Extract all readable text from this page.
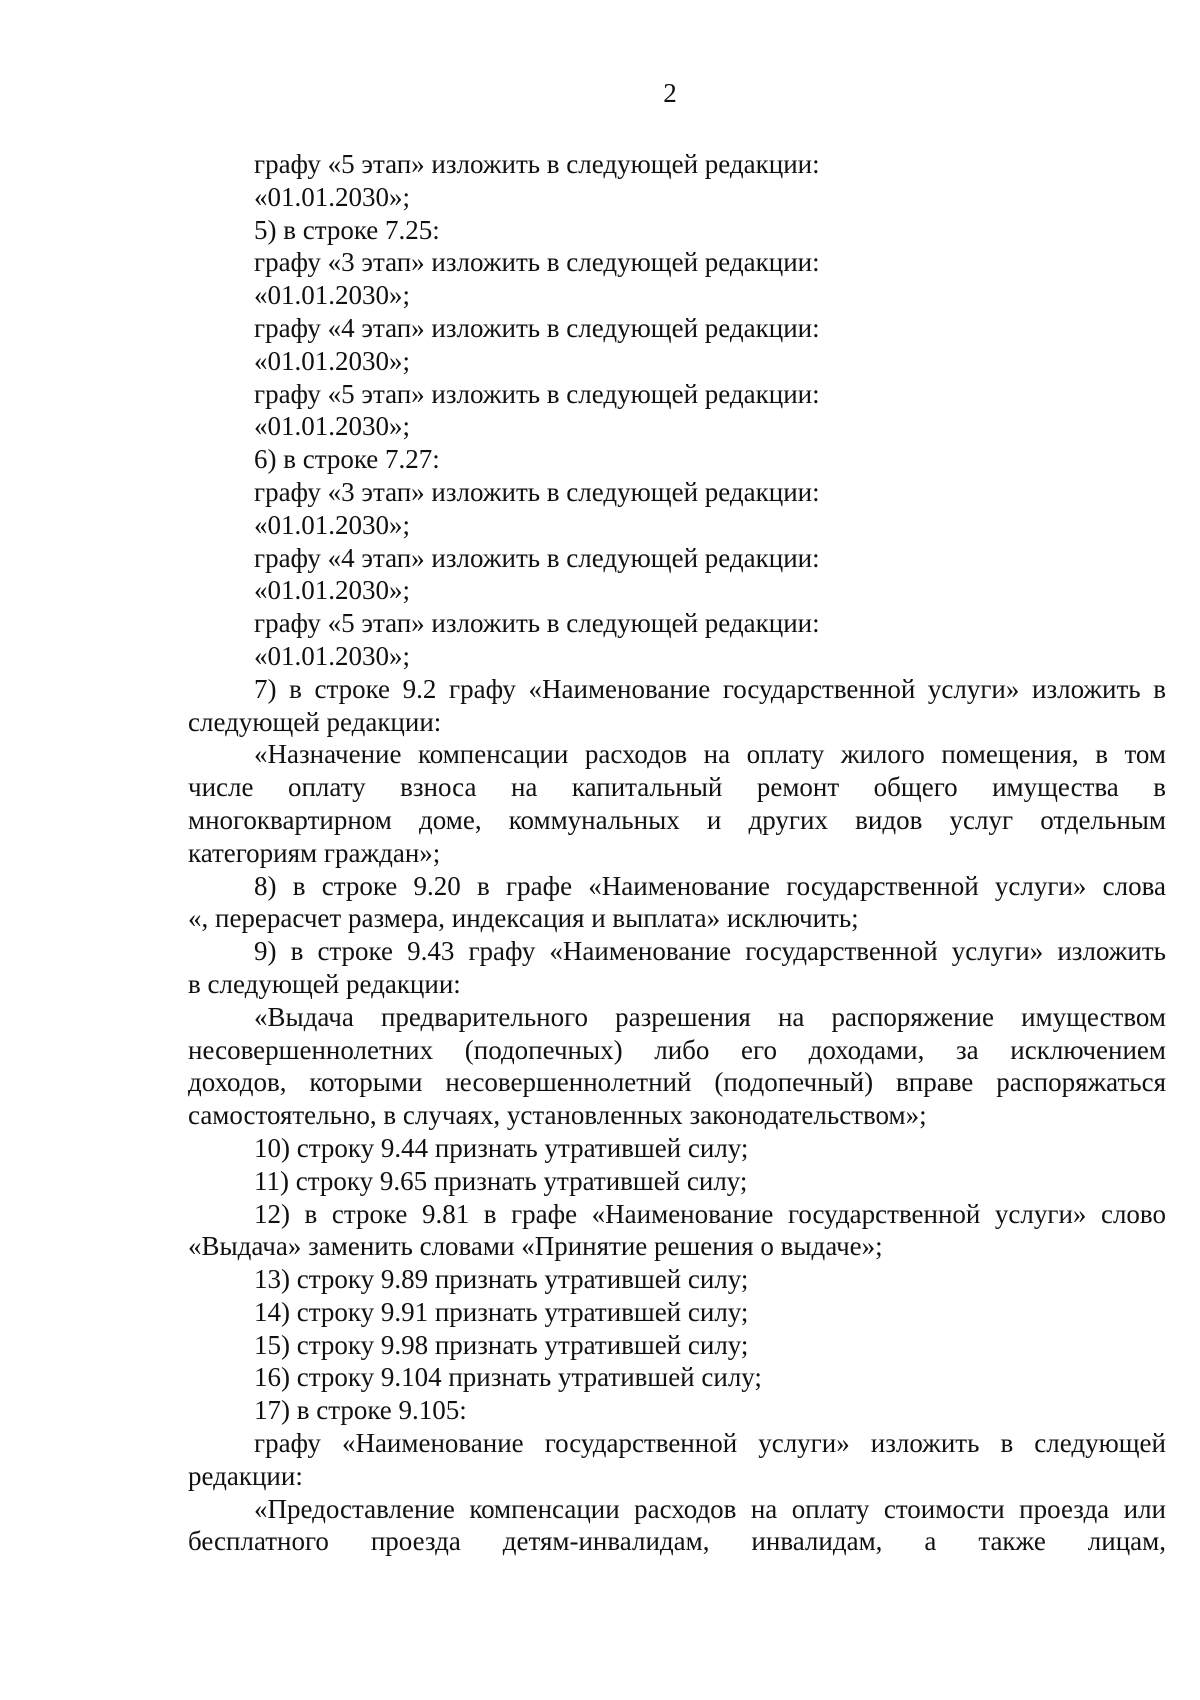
2
графу «5 этап» изложить в следующей редакции:
«01.01.2030»;
5) в строке 7.25:
графу «3 этап» изложить в следующей редакции:
«01.01.2030»;
графу «4 этап» изложить в следующей редакции:
«01.01.2030»;
графу «5 этап» изложить в следующей редакции:
«01.01.2030»;
6) в строке 7.27:
графу «3 этап» изложить в следующей редакции:
«01.01.2030»;
графу «4 этап» изложить в следующей редакции:
«01.01.2030»;
графу «5 этап» изложить в следующей редакции:
«01.01.2030»;
7) в строке 9.2 графу «Наименование государственной услуги» изложить в
следующей редакции:
«Назначение компенсации расходов на оплату жилого помещения, в том
числе оплату взноса на капитальный ремонт общего имущества в
многоквартирном доме, коммунальных и других видов услуг отдельным
категориям граждан»;
8) в строке 9.20 в графе «Наименование государственной услуги» слова
«, перерасчет размера, индексация и выплата» исключить;
9) в строке 9.43 графу «Наименование государственной услуги» изложить
в следующей редакции:
«Выдача предварительного разрешения на распоряжение имуществом
несовершеннолетних (подопечных) либо его доходами, за исключением
доходов, которыми несовершеннолетний (подопечный) вправе распоряжаться
самостоятельно, в случаях, установленных законодательством»;
10) строку 9.44 признать утратившей силу;
11) строку 9.65 признать утратившей силу;
12) в строке 9.81 в графе «Наименование государственной услуги» слово
«Выдача» заменить словами «Принятие решения о выдаче»;
13) строку 9.89 признать утратившей силу;
14) строку 9.91 признать утратившей силу;
15) строку 9.98 признать утратившей силу;
16) строку 9.104 признать утратившей силу;
17) в строке 9.105:
графу «Наименование государственной услуги» изложить в следующей
редакции:
«Предоставление компенсации расходов на оплату стоимости проезда или
бесплатного проезда детям-инвалидам, инвалидам, а также лицам,
